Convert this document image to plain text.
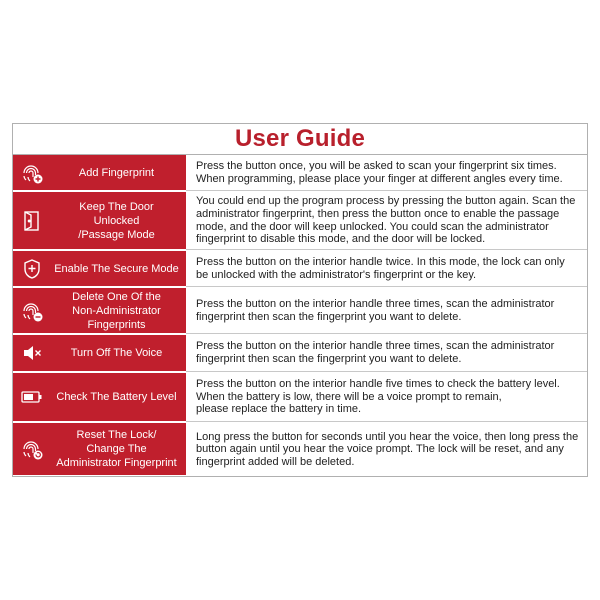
User Guide
Add Fingerprint
Press the button once, you will be asked to scan your fingerprint six times.
When programming, please place your finger at different angles every time.
Keep The Door
Unlocked
/Passage Mode
You could end up the program process by pressing the button again. Scan the administrator fingerprint, then press the button once to enable the passage mode, and the door will keep unlocked. You could scan the administrator fingerprint to disable this mode, and the door will be locked.
Enable The Secure Mode
Press the button on the interior handle twice. In this mode, the lock can only be unlocked with the administrator's fingerprint or the key.
Delete One Of the
Non-Administrator
Fingerprints
Press the button on the interior handle three times, scan the administrator fingerprint then scan the fingerprint you want to delete.
Turn Off The Voice
Press the button on the interior handle three times, scan the administrator fingerprint then scan the fingerprint you want to delete.
Check The Battery Level
Press the button on the interior handle five times to check the battery level.
When the battery is low, there will be a voice prompt to remain,
please replace the battery in time.
Reset The Lock/
Change The
Administrator Fingerprint
Long press the button for seconds until you hear the voice, then long press the button again until you hear the voice prompt. The lock will be reset, and any fingerprint added will be deleted.
